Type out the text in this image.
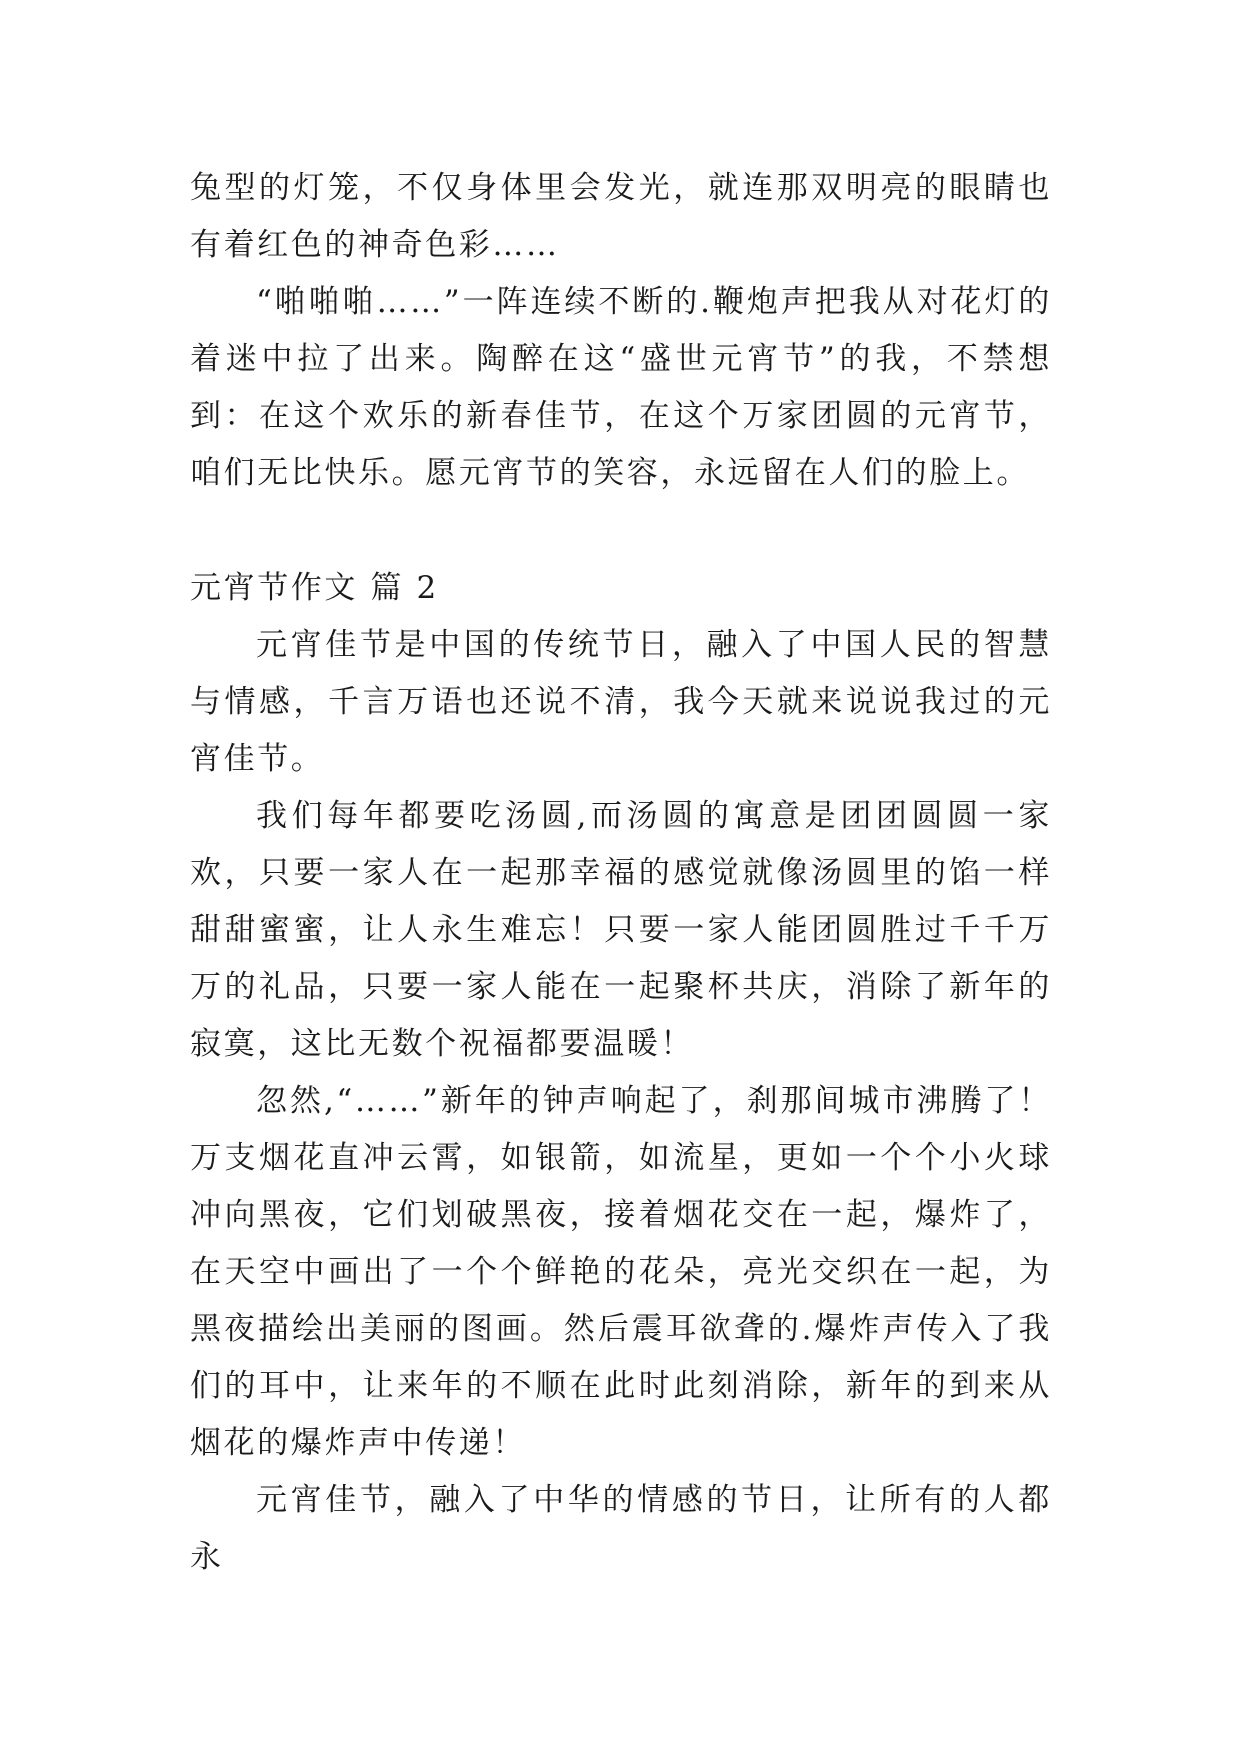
兔型的灯笼，不仅身体里会发光，就连那双明亮的眼睛也有着红色的神奇色彩……

“啪啪啪……”一阵连续不断的.鞭炮声把我从对花灯的着迷中拉了出来。陶醉在这“盛世元宵节”的我，不禁想到：在这个欢乐的新春佳节，在这个万家团圆的元宵节，咱们无比快乐。愿元宵节的笑容，永远留在人们的脸上。

元宵节作文 篇 2

元宵佳节是中国的传统节日，融入了中国人民的智慧与情感，千言万语也还说不清，我今天就来说说我过的元宵佳节。

我们每年都要吃汤圆,而汤圆的寓意是团团圆圆一家欢，只要一家人在一起那幸福的感觉就像汤圆里的馅一样甜甜蜜蜜，让人永生难忘！只要一家人能团圆胜过千千万万的礼品，只要一家人能在一起聚杯共庆，消除了新年的寂寞，这比无数个祝福都要温暖！

忽然,“……”新年的钟声响起了，刹那间城市沸腾了！万支烟花直冲云霄，如银箭，如流星，更如一个个小火球冲向黑夜，它们划破黑夜，接着烟花交在一起，爆炸了，在天空中画出了一个个鲜艳的花朵，亮光交织在一起，为黑夜描绘出美丽的图画。然后震耳欲聋的.爆炸声传入了我们的耳中，让来年的不顺在此时此刻消除，新年的到来从烟花的爆炸声中传递！

元宵佳节，融入了中华的情感的节日，让所有的人都永
